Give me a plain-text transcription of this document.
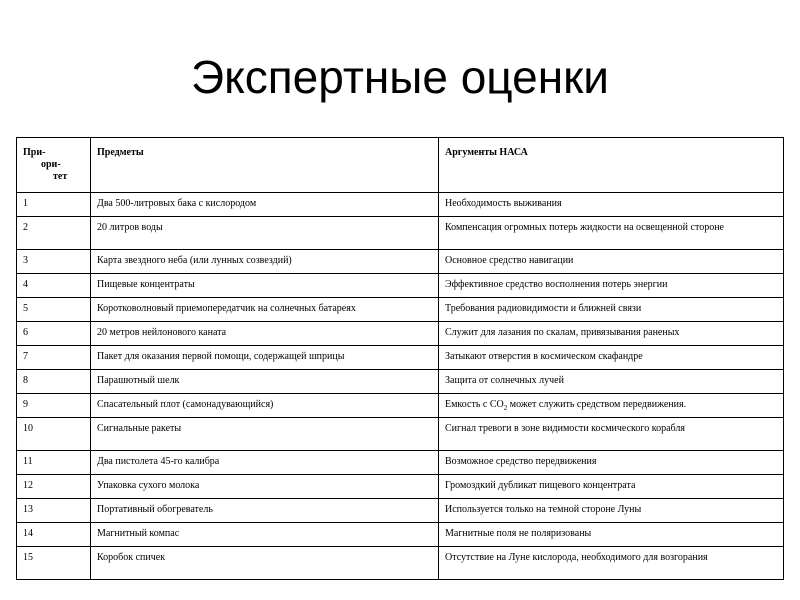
Экспертные оценки
При-
ори-
тет	Предметы	Аргументы НАСА
1	Два 500-литровых бака с кислородом	Необходимость выживания
2	20 литров воды	Компенсация огромных потерь жидкости на освещенной стороне
3	Карта звездного неба (или лунных созвездий)	Основное средство навигации
4	Пищевые концентраты	Эффективное средство восполнения потерь энергии
5	Коротковолновый приемопередатчик на солнечных батареях	Требования радиовидимости и ближней связи
6	20 метров нейлонового каната	Служит для лазания по скалам, привязывания раненых
7	Пакет для оказания первой помощи, содержащей шприцы	Затыкают отверстия в космическом скафандре
8	Парашютный шелк	Защита от солнечных лучей
9	Спасательный плот (самонадувающийся)	Емкость с $CO_2$ может служить средством передвижения.
10	Сигнальные ракеты	Сигнал тревоги в зоне видимости космического корабля
11	Два пистолета 45-го калибра	Возможное средство передвижения
12	Упаковка сухого молока	Громоздкий дубликат пищевого концентрата
13	Портативный обогреватель	Используется только на темной стороне Луны
14	Магнитный компас	Магнитные поля не поляризованы
15	Коробок спичек	Отсутствие на Луне кислорода, необходимого для возгорания
